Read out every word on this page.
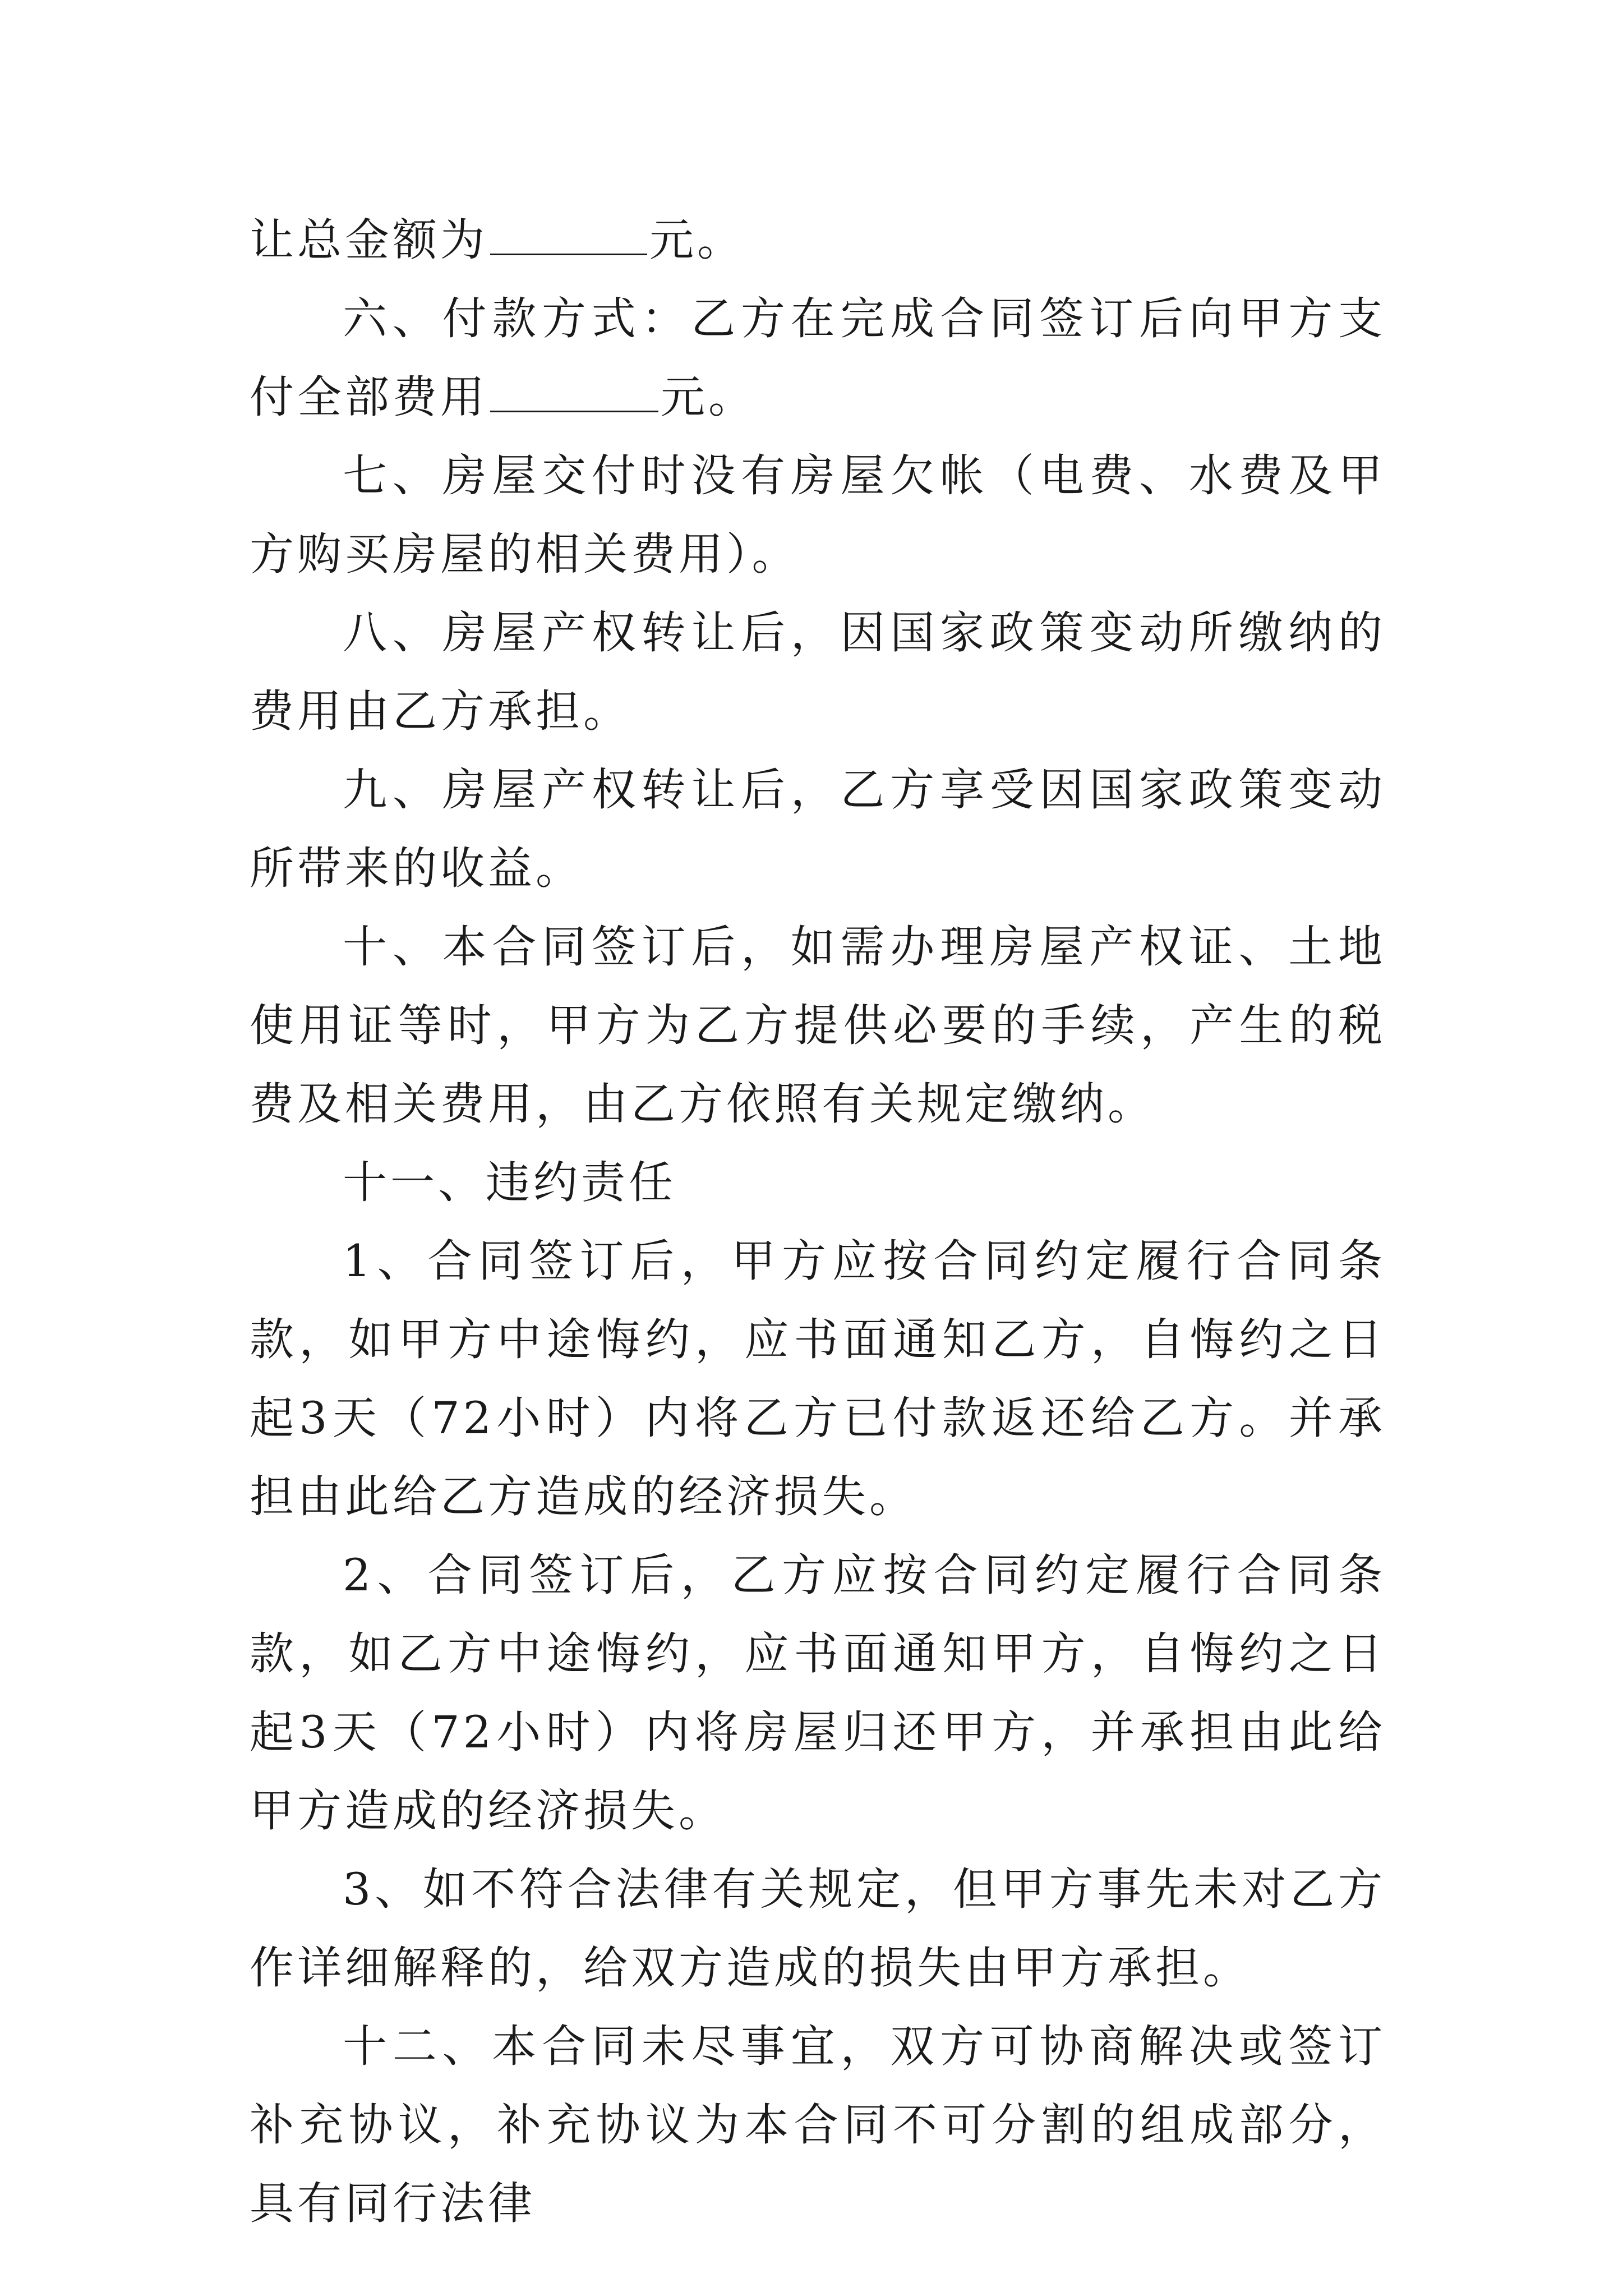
让总金额为	元。

六、付款方式：乙方在完成合同签订后向甲方支付全部费用	元。

七、房屋交付时没有房屋欠帐（电费、水费及甲方购买房屋的相关费用）。

八、房屋产权转让后，因国家政策变动所缴纳的费用由乙方承担。

九、房屋产权转让后，乙方享受因国家政策变动所带来的收益。

十、本合同签订后，如需办理房屋产权证、土地使用证等时，甲方为乙方提供必要的手续，产生的税费及相关费用，由乙方依照有关规定缴纳。

十一、违约责任

1、合同签订后，甲方应按合同约定履行合同条款，如甲方中途悔约，应书面通知乙方，自悔约之日起3天（72小时）内将乙方已付款返还给乙方。并承担由此给乙方造成的经济损失。

2、合同签订后，乙方应按合同约定履行合同条款，如乙方中途悔约，应书面通知甲方，自悔约之日起3天（72小时）内将房屋归还甲方，并承担由此给甲方造成的经济损失。

3、如不符合法律有关规定，但甲方事先未对乙方作详细解释的，给双方造成的损失由甲方承担。

十二、本合同未尽事宜，双方可协商解决或签订补充协议，补充协议为本合同不可分割的组成部分，具有同行法律
